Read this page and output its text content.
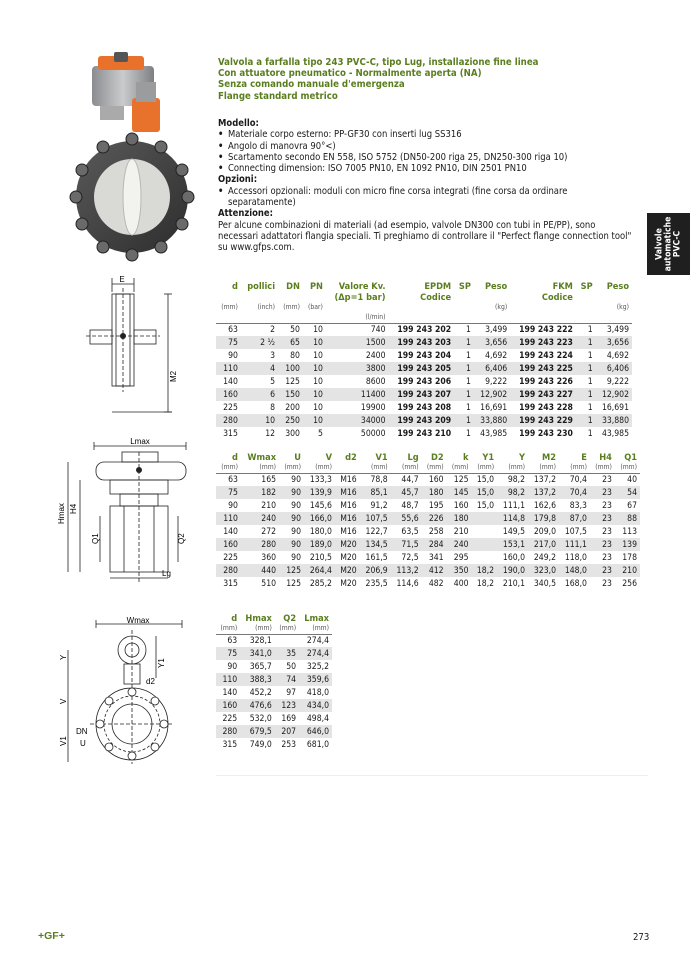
Valvola a farfalla tipo 243 PVC-C, tipo Lug, installazione fine linea
Con attuatore pneumatico - Normalmente aperta (NA)
Senza comando manuale d'emergenza
Flange standard metrico
Modello:
• Materiale corpo esterno: PP-GF30 con inserti lug SS316
• Angolo di manovra 90°<)
• Scartamento secondo EN 558, ISO 5752 (DN50-200 riga 25, DN250-300 riga 10)
• Connecting dimension: ISO 7005 PN10, EN 1092 PN10, DIN 2501 PN10
Opzioni:
• Accessori opzionali: moduli con micro fine corsa integrati (fine corsa da ordinare separatamente)
Attenzione:
Per alcune combinazioni di materiali (ad esempio, valvole DN300 con tubi in PE/PP), sono necessari adattatori flangia speciali. Ti preghiamo di controllare il "Perfect flange connection tool" su www.gfps.com.	Valvole automatiche PVC-C
E
M2
Lmax
Hmax H4
Q1	Q2
Lg
Wmax
Y1
Y
V
V1
d2
DN
U
d	pollici	DN	PN	Valore Kv.	EPDM	SP	Peso	FKM	SP	Peso
				(Δp=1 bar)	Codice			Codice		
(mm)	(inch)	(mm)	(bar)				(kg)			(kg)
				(l/min)						
63	2	50	10	740	199 243 202	1	3,499	199 243 222	1	3,499
75	2 ½	65	10	1500	199 243 203	1	3,656	199 243 223	1	3,656
90	3	80	10	2400	199 243 204	1	4,692	199 243 224	1	4,692
110	4	100	10	3800	199 243 205	1	6,406	199 243 225	1	6,406
140	5	125	10	8600	199 243 206	1	9,222	199 243 226	1	9,222
160	6	150	10	11400	199 243 207	1	12,902	199 243 227	1	12,902
225	8	200	10	19900	199 243 208	1	16,691	199 243 228	1	16,691
280	10	250	10	34000	199 243 209	1	33,880	199 243 229	1	33,880
315	12	300	5	50000	199 243 210	1	43,985	199 243 230	1	43,985
d	Wmax	U	V	d2	V1	Lg	D2	k	Y1	Y	M2	E	H4	Q1
(mm)	(mm)	(mm)	(mm)		(mm)	(mm)	(mm)	(mm)	(mm)	(mm)	(mm)	(mm)	(mm)	(mm)
63	165	90	133,3	M16	78,8	44,7	160	125	15,0	98,2	137,2	70,4	23	40
75	182	90	139,9	M16	85,1	45,7	180	145	15,0	98,2	137,2	70,4	23	54
90	210	90	145,6	M16	91,2	48,7	195	160	15,0	111,1	162,6	83,3	23	67
110	240	90	166,0	M16	107,5	55,6	226	180		114,8	179,8	87,0	23	88
140	272	90	180,0	M16	122,7	63,5	258	210		149,5	209,0	107,5	23	113
160	280	90	189,0	M20	134,5	71,5	284	240		153,1	217,0	111,1	23	139
225	360	90	210,5	M20	161,5	72,5	341	295		160,0	249,2	118,0	23	178
280	440	125	264,4	M20	206,9	113,2	412	350	18,2	190,0	323,0	148,0	23	210
315	510	125	285,2	M20	235,5	114,6	482	400	18,2	210,1	340,5	168,0	23	256
d	Hmax	Q2	Lmax
(mm)	(mm)	(mm)	(mm)
63	328,1		274,4
75	341,0	35	274,4
90	365,7	50	325,2
110	388,3	74	359,6
140	452,2	97	418,0
160	476,6	123	434,0
225	532,0	169	498,4
280	679,5	207	646,0
315	749,0	253	681,0
+GF+	273
